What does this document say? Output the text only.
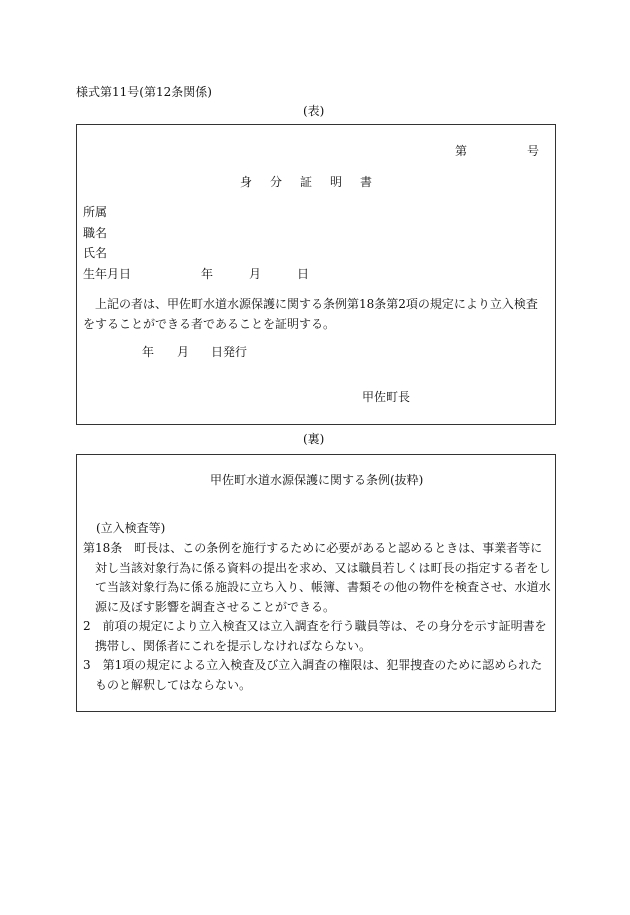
様式第11号(第12条関係)
(表)
第	号
身分証明書
所属
職名
氏名
生年月日	年	月	日
上記の者は、甲佐町水道水源保護に関する条例第18条第2項の規定により立入検査をすることができる者であることを証明する。
年 月 日発行
甲佐町長
(裏)
甲佐町水道水源保護に関する条例(抜粋)
(立入検査等)

第18条　町長は、この条例を施行するために必要があると認めるときは、事業者等に対し当該対象行為に係る資料の提出を求め、又は職員若しくは町長の指定する者をして当該対象行為に係る施設に立ち入り、帳簿、書類その他の物件を検査させ、水道水源に及ぼす影響を調査させることができる。

2　前項の規定により立入検査又は立入調査を行う職員等は、その身分を示す証明書を携帯し、関係者にこれを提示しなければならない。

3　第1項の規定による立入検査及び立入調査の権限は、犯罪捜査のために認められたものと解釈してはならない。
